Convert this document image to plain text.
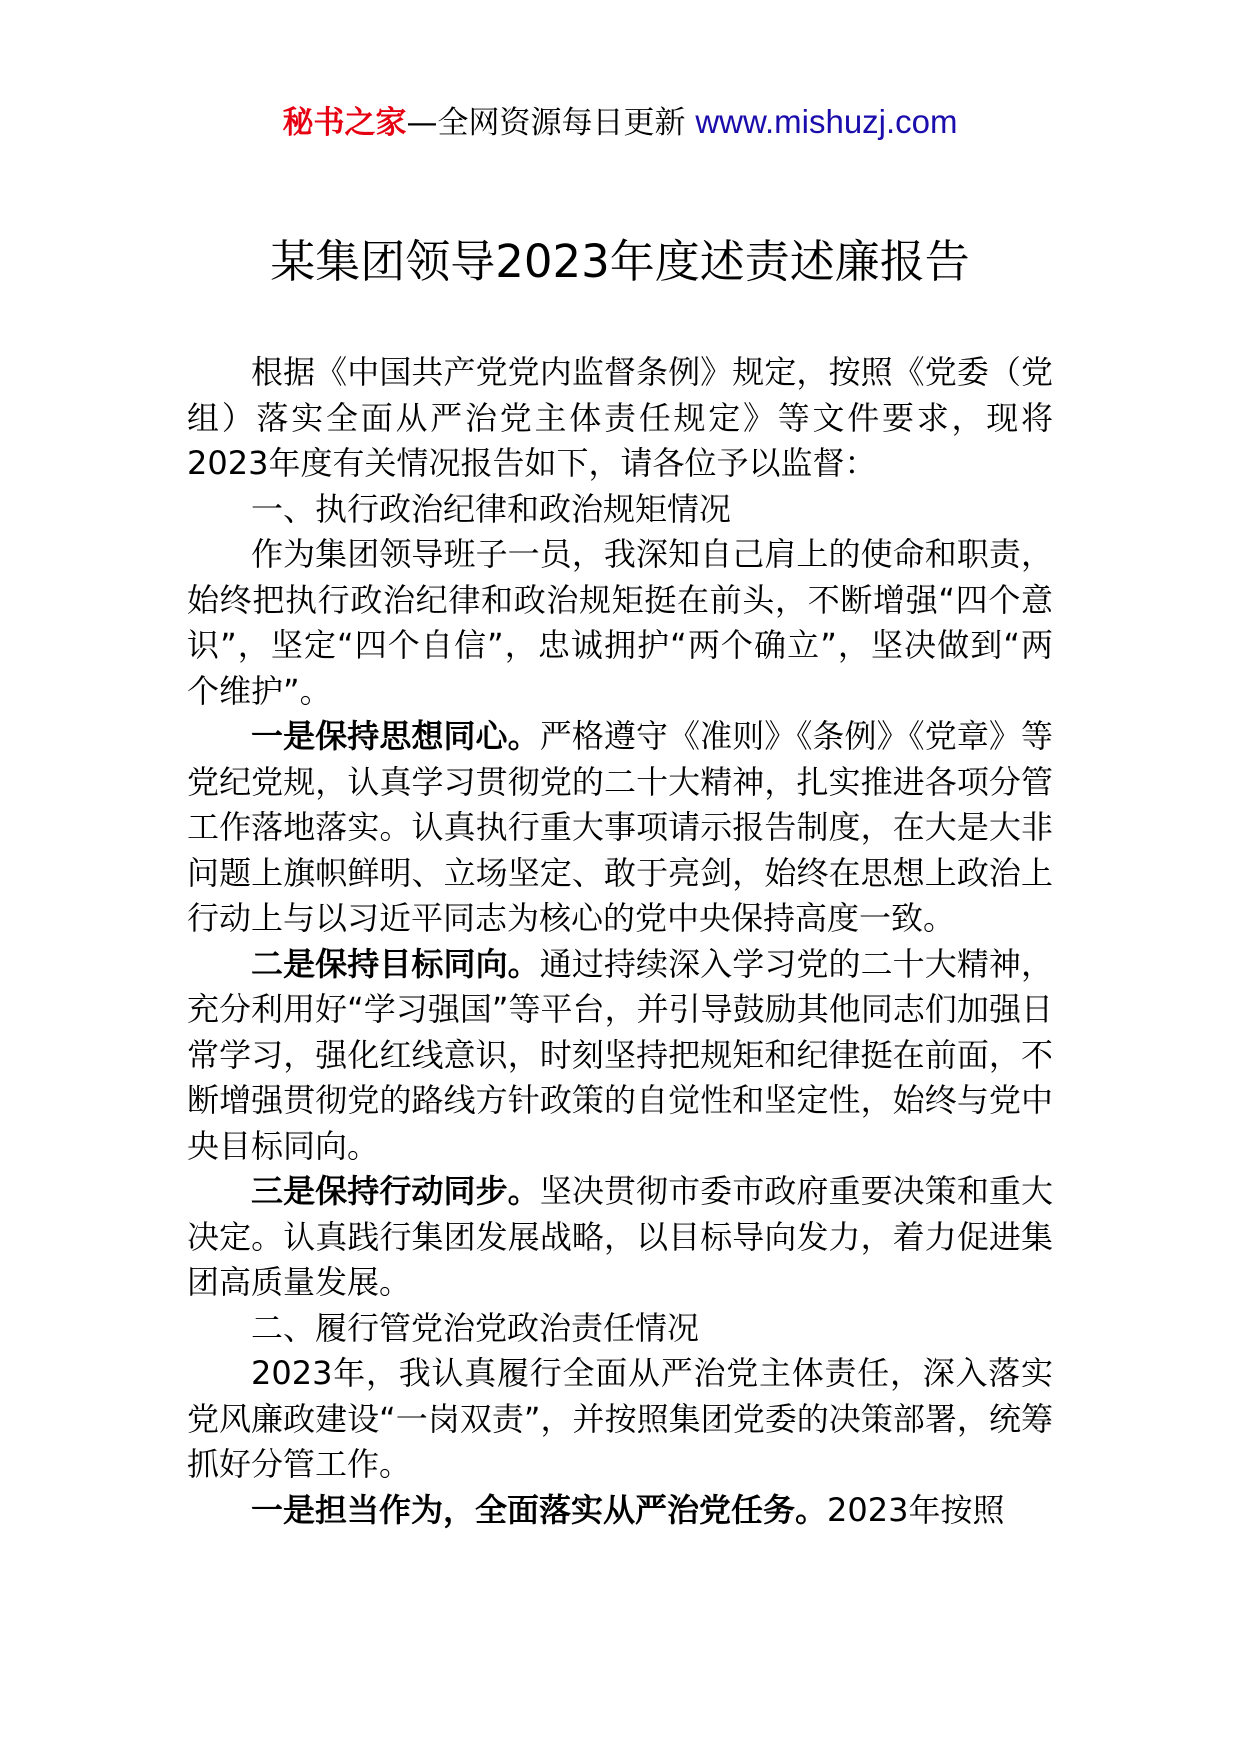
秘书之家—全网资源每日更新 www.mishuzj.com
某集团领导2023年度述责述廉报告

根据《中国共产党党内监督条例》规定，按照《党委（党组）落实全面从严治党主体责任规定》等文件要求，现将2023年度有关情况报告如下，请各位予以监督：

一、执行政治纪律和政治规矩情况

作为集团领导班子一员，我深知自己肩上的使命和职责，始终把执行政治纪律和政治规矩挺在前头，不断增强“四个意识”，坚定“四个自信”，忠诚拥护“两个确立”，坚决做到“两个维护”。

一是保持思想同心。严格遵守《准则》《条例》《党章》等党纪党规，认真学习贯彻党的二十大精神，扎实推进各项分管工作落地落实。认真执行重大事项请示报告制度，在大是大非问题上旗帜鲜明、立场坚定、敢于亮剑，始终在思想上政治上行动上与以习近平同志为核心的党中央保持高度一致。

二是保持目标同向。通过持续深入学习党的二十大精神，充分利用好“学习强国”等平台，并引导鼓励其他同志们加强日常学习，强化红线意识，时刻坚持把规矩和纪律挺在前面，不断增强贯彻党的路线方针政策的自觉性和坚定性，始终与党中央目标同向。

三是保持行动同步。坚决贯彻市委市政府重要决策和重大决定。认真践行集团发展战略，以目标导向发力，着力促进集团高质量发展。

二、履行管党治党政治责任情况

2023年，我认真履行全面从严治党主体责任，深入落实党风廉政建设“一岗双责”，并按照集团党委的决策部署，统筹抓好分管工作。

一是担当作为，全面落实从严治党任务。2023年按照
